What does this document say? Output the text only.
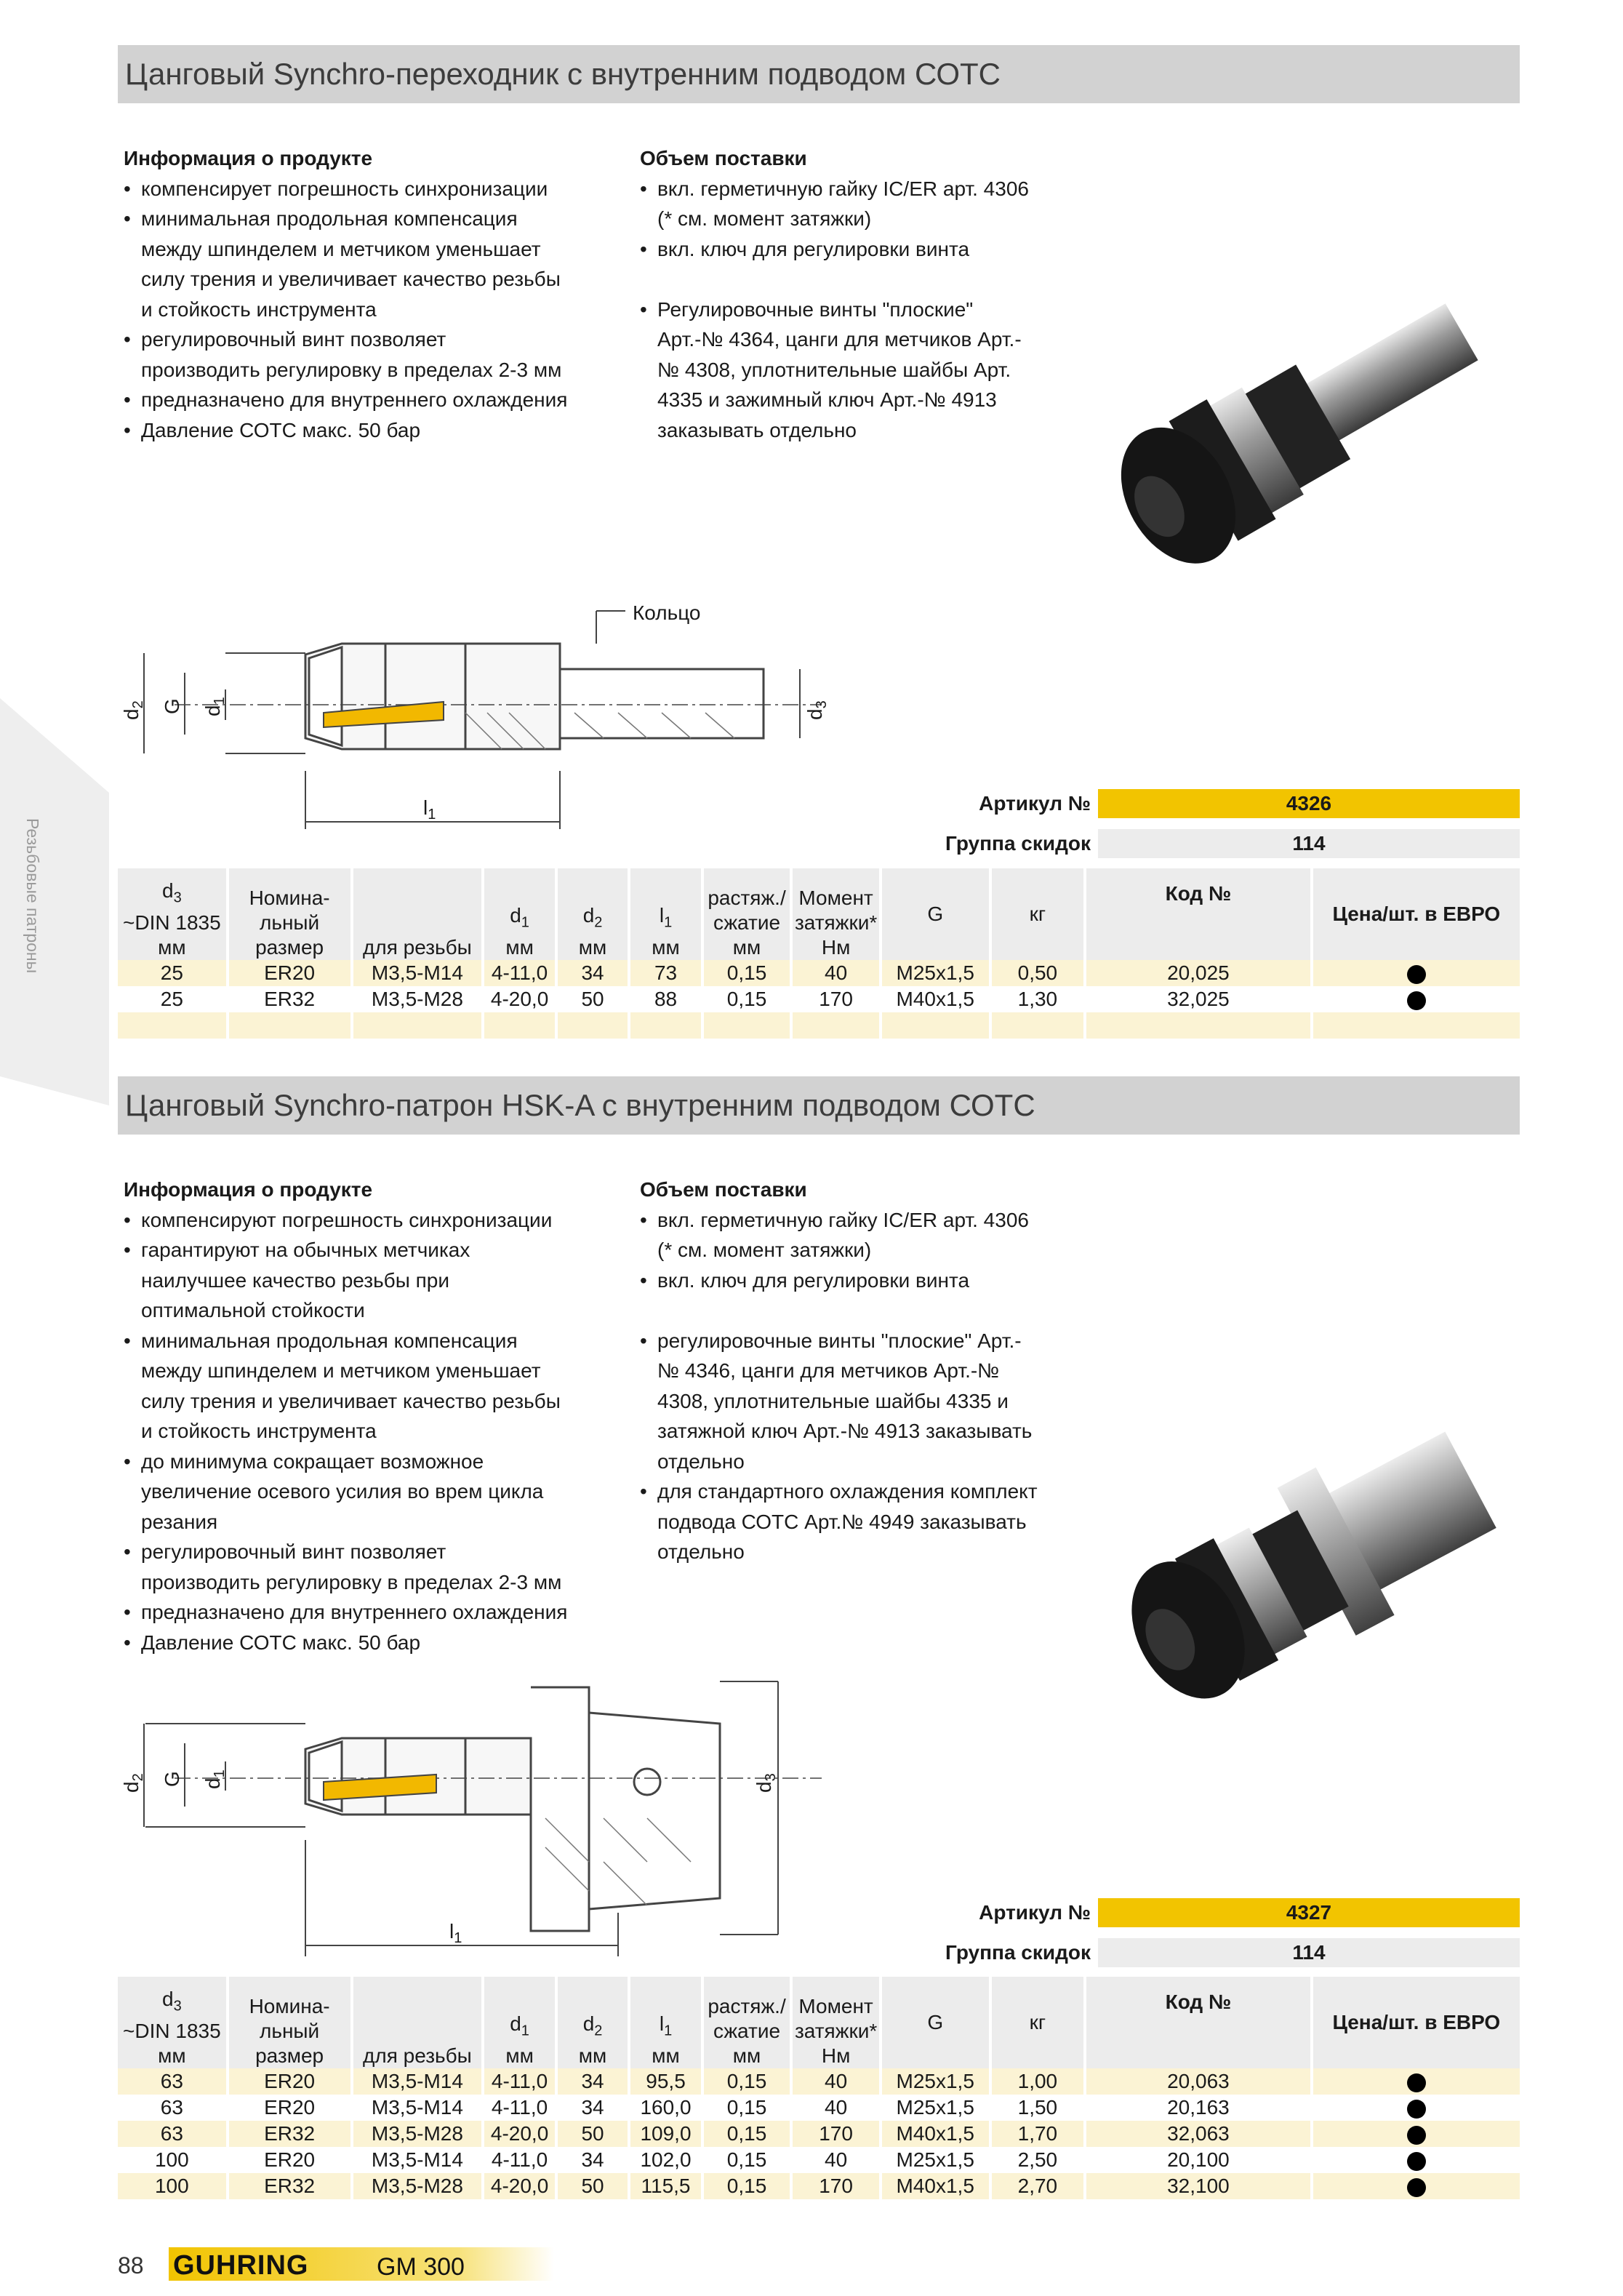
Резьбовые патроны
Цанговый Synchro-переходник с внутренним подводом СОТС
Информация о продукте
• компенсирует погрешность синхронизации
• минимальная продольная компенсация
между шпинделем и метчиком уменьшает
силу трения и увеличивает качество резьбы
и стойкость инструмента
• регулировочный винт позволяет
производить регулировку в пределах 2-3 мм
• предназначено для внутреннего охлаждения
• Давление СОТС макс. 50 бар
Объем поставки
• вкл. герметичную гайку IC/ER арт. 4306
(* см. момент затяжки)
• вкл. ключ для регулировки винта
• Регулировочные винты "плоские"
Арт.-№ 4364, цанги для метчиков Арт.-
№ 4308, уплотнительные шайбы Арт.
4335 и зажимный ключ Арт.-№ 4913
заказывать отдельно
Кольцо
$d_2$ G $d_1$
$d_3$
$l_1$	Артикул №	4326
Группа скидок	114
$d_3$
~DIN 1835
мм	Номина-
льный
размер	для резьбы	$d_1$
мм	$d_2$
мм	$l_1$
мм	растяж./
сжатие
мм	Момент
затяжки*
Нм	G	кг	Код №	Цена/шт. в ЕВРО
25	ER20	M3,5-M14	4-11,0	34	73	0,15	40	M25x1,5	0,50	20,025	
25	ER32	M3,5-M28	4-20,0	50	88	0,15	170	M40x1,5	1,30	32,025	

Цанговый Synchro-патрон HSK-A с внутренним подводом СОТС
Информация о продукте
• компенсируют погрешность синхронизации
• гарантируют на обычных метчиках
наилучшее качество резьбы при
оптимальной стойкости
• минимальная продольная компенсация
между шпинделем и метчиком уменьшает
силу трения и увеличивает качество резьбы
и стойкость инструмента
• до минимума сокращает возможное
увеличение осевого усилия во врем цикла
резания
• регулировочный винт позволяет
производить регулировку в пределах 2-3 мм
• предназначено для внутреннего охлаждения
• Давление СОТС макс. 50 бар
Объем поставки
• вкл. герметичную гайку IC/ER арт. 4306
(* см. момент затяжки)
• вкл. ключ для регулировки винта
• регулировочные винты "плоские" Арт.-
№ 4346, цанги для метчиков Арт.-№
4308, уплотнительные шайбы 4335 и
затяжной ключ Арт.-№ 4913 заказывать
отдельно
• для стандартного охлаждения комплект
подвода СОТС Арт.№ 4949 заказывать
отдельно
$d_2$ G $d_1$
$d_3$
$l_1$
Артикул №	4327
Группа скидок	114
$d_3$
~DIN 1835
мм	Номина-
льный
размер	для резьбы	$d_1$
мм	$d_2$
мм	$l_1$
мм	растяж./
сжатие
мм	Момент
затяжки*
Нм	G	кг	Код №	Цена/шт. в ЕВРО
63	ER20	M3,5-M14	4-11,0	34	95,5	0,15	40	M25x1,5	1,00	20,063	
63	ER20	M3,5-M14	4-11,0	34	160,0	0,15	40	M25x1,5	1,50	20,163	
63	ER32	M3,5-M28	4-20,0	50	109,0	0,15	170	M40x1,5	1,70	32,063	
100	ER20	M3,5-M14	4-11,0	34	102,0	0,15	40	M25x1,5	2,50	20,100	
100	ER32	M3,5-M28	4-20,0	50	115,5	0,15	170	M40x1,5	2,70	32,100	
88 GUHRING	GM 300
